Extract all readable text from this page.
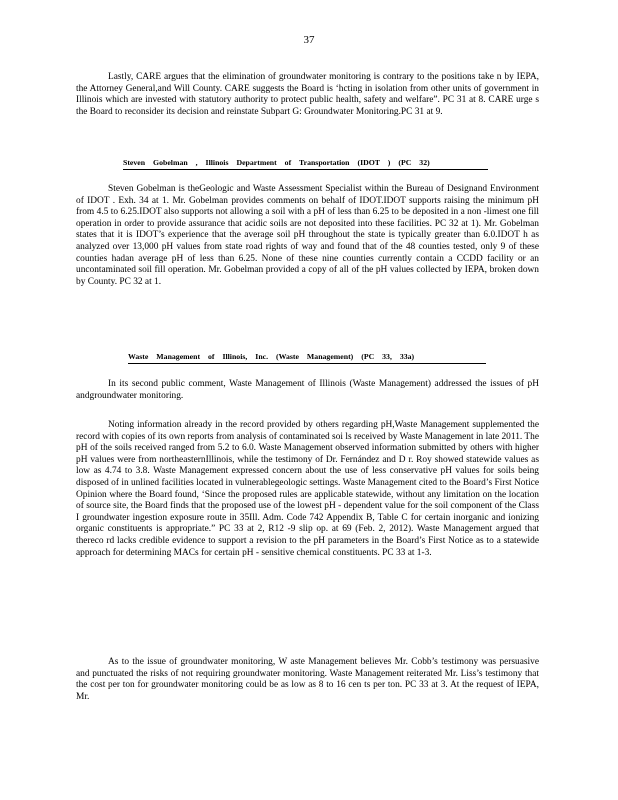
37

Lastly, CARE argues that the elimination of groundwater monitoring is contrary to the positions take n by IEPA, the Attorney General,and Will County. CARE suggests the Board is ‘hcting in isolation from other units of government in Illinois which are invested with statutory authority to protect public health, safety and welfare”. PC 31 at 8. CARE urge s the Board to reconsider its decision and reinstate Subpart G: Groundwater Monitoring.PC 31 at 9.

Steven Gobelman , Illinois Department of Transportation (IDOT ) (PC 32)

Steven Gobelman is theGeologic and Waste Assessment Specialist within the Bureau of Designand Environment of IDOT . Exh. 34 at 1. Mr. Gobelman provides comments on behalf of IDOT.IDOT supports raising the minimum pH from 4.5 to 6.25.IDOT also supports not allowing a soil with a pH of less than 6.25 to be deposited in a non -limest one fill operation in order to provide assurance that acidic soils are not deposited into these facilities. PC 32 at 1). Mr. Gobelman states that it is IDOT’s experience that the average soil pH throughout the state is typically greater than 6.0.IDOT h as analyzed over 13,000 pH values from state road rights of way and found that of the 48 counties tested, only 9 of these counties hadan average pH of less than 6.25. None of these nine counties currently contain a CCDD facility or an uncontaminated soil fill operation. Mr. Gobelman provided a copy of all of the pH values collected by IEPA, broken down by County. PC 32 at 1.

Waste Management of Illinois, Inc. (Waste Management) (PC 33, 33a)

In its second public comment, Waste Management of Illinois (Waste Management) addressed the issues of pH andgroundwater monitoring.

Noting information already in the record provided by others regarding pH,Waste Management supplemented the record with copies of its own reports from analysis of contaminated soi ls received by Waste Management in late 2011. The pH of the soils received ranged from 5.2 to 6.0. Waste Management observed information submitted by others with higher pH values were from northeasternIllinois, while the testimony of Dr. Fernández and D r. Roy showed statewide values as low as 4.74 to 3.8. Waste Management expressed concern about the use of less conservative pH values for soils being disposed of in unlined facilities located in vulnerablegeologic settings. Waste Management cited to the Board’s First Notice Opinion where the Board found, ‘Since the proposed rules are applicable statewide, without any limitation on the location of source site, the Board finds that the proposed use of the lowest pH - dependent value for the soil component of the Class I groundwater ingestion exposure route in 35Ill. Adm. Code 742 Appendix B, Table C for certain inorganic and ionizing organic constituents is appropriate.” PC 33 at 2, R12 -9 slip op. at 69 (Feb. 2, 2012). Waste Management argued that thereco rd lacks credible evidence to support a revision to the pH parameters in the Board’s First Notice as to a statewide approach for determining MACs for certain pH - sensitive chemical constituents. PC 33 at 1-3.

As to the issue of groundwater monitoring, W aste Management believes Mr. Cobb’s testimony was persuasive and punctuated the risks of not requiring groundwater monitoring. Waste Management reiterated Mr. Liss’s testimony that the cost per ton for groundwater monitoring could be as low as 8 to 16 cen ts per ton. PC 33 at 3. At the request of IEPA, Mr.
